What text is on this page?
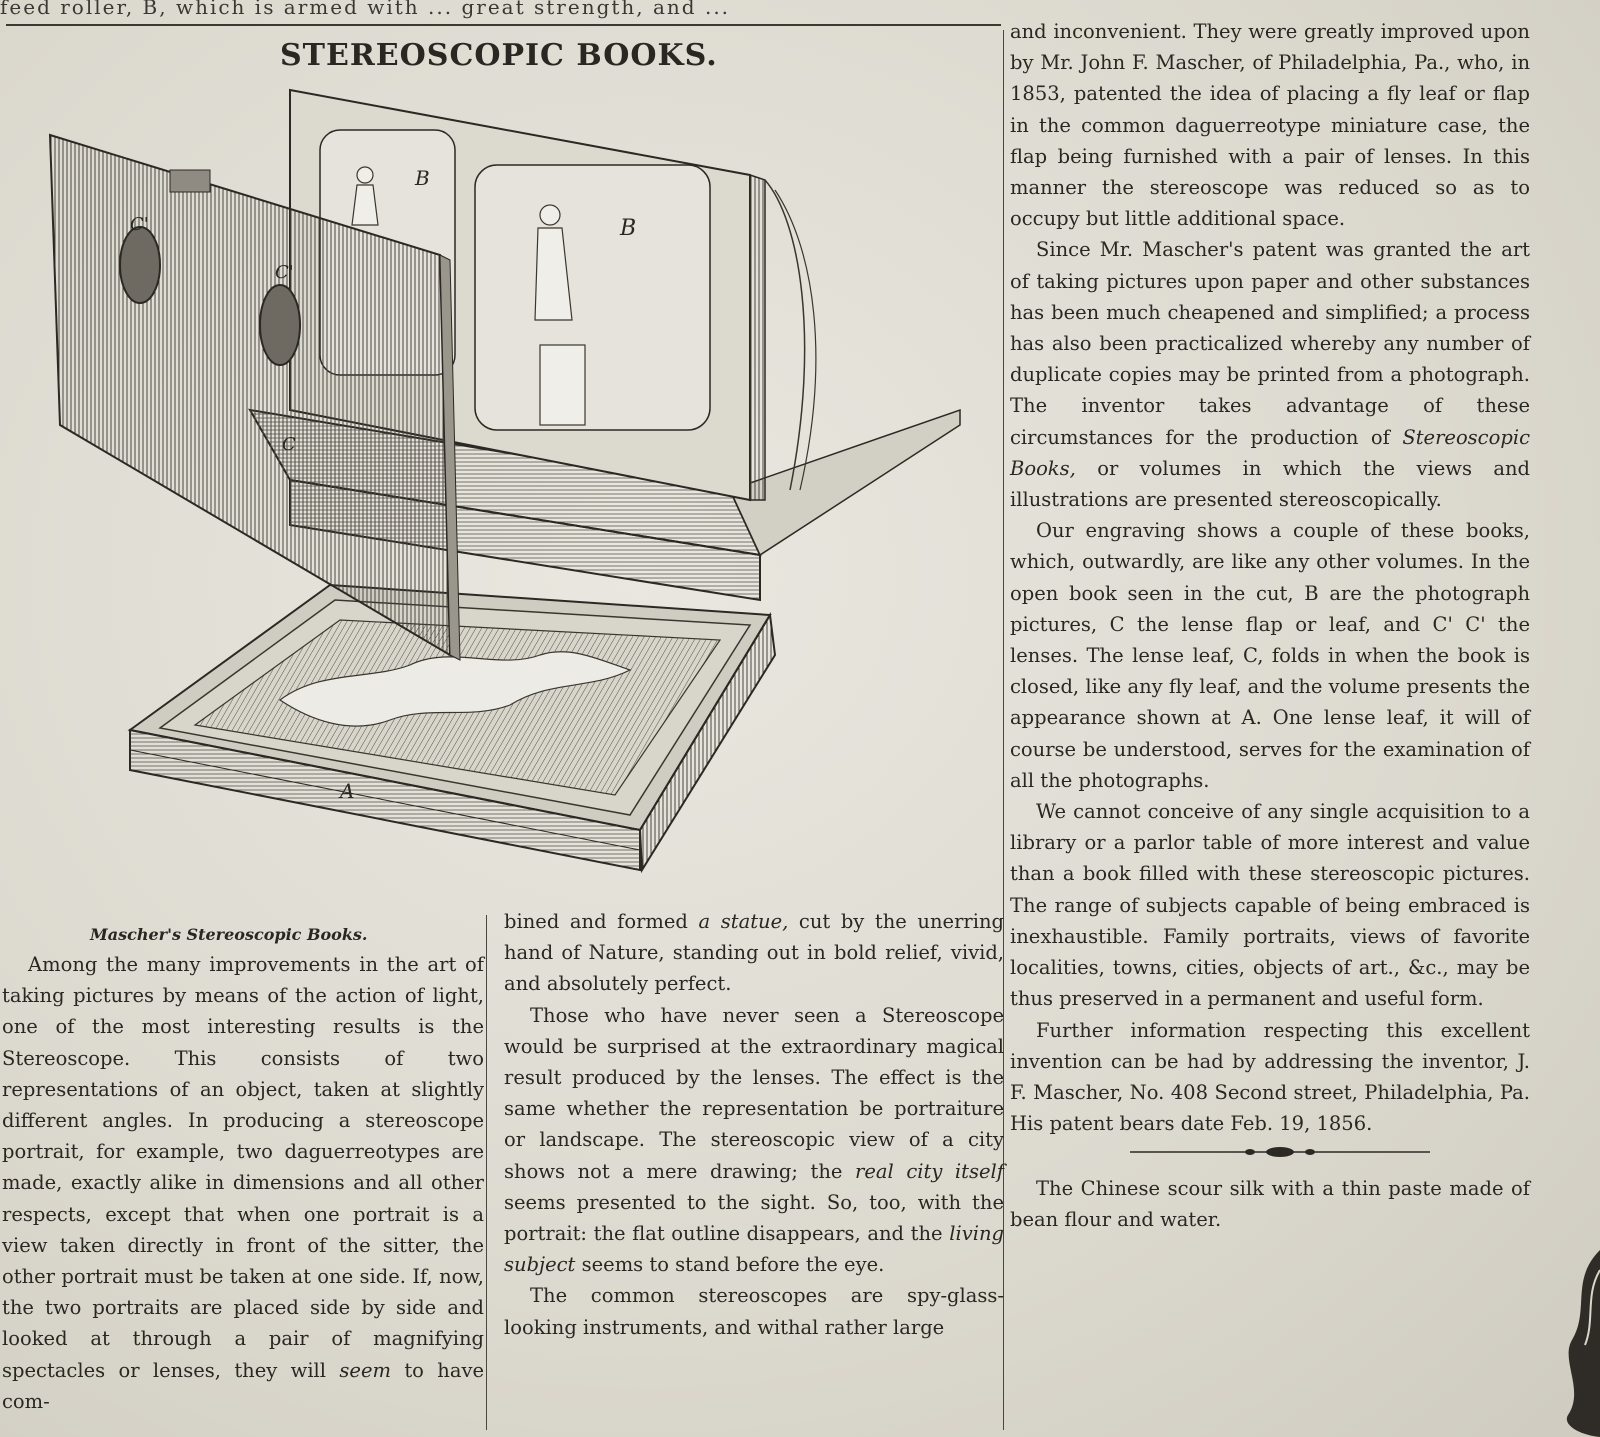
feed roller, B, which is armed with ... great strength, and ...
STEREOSCOPIC BOOKS.
B
B
C'
C'
C
A
Mascher's Stereoscopic Books.

Among the many improvements in the art of taking pictures by means of the action of light, one of the most interesting results is the Stereoscope. This consists of two representations of an object, taken at slightly different angles. In producing a stereoscope portrait, for example, two daguerreotypes are made, exactly alike in dimensions and all other respects, except that when one portrait is a view taken directly in front of the sitter, the other portrait must be taken at one side. If, now, the two portraits are placed side by side and looked at through a pair of magnifying spectacles or lenses, they will seem to have com-

bined and formed a statue, cut by the unerring hand of Nature, standing out in bold relief, vivid, and absolutely perfect.

Those who have never seen a Stereoscope would be surprised at the extraordinary magical result produced by the lenses. The effect is the same whether the representation be portraiture or landscape. The stereoscopic view of a city shows not a mere drawing; the real city itself seems presented to the sight. So, too, with the portrait: the flat outline disappears, and the living subject seems to stand before the eye.

The common stereoscopes are spy-glass-looking instruments, and withal rather large

and inconvenient. They were greatly improved upon by Mr. John F. Mascher, of Philadelphia, Pa., who, in 1853, patented the idea of placing a fly leaf or flap in the common daguerreotype miniature case, the flap being furnished with a pair of lenses. In this manner the stereoscope was reduced so as to occupy but little additional space.

Since Mr. Mascher's patent was granted the art of taking pictures upon paper and other substances has been much cheapened and simplified; a process has also been practicalized whereby any number of duplicate copies may be printed from a photograph. The inventor takes advantage of these circumstances for the production of Stereoscopic Books, or volumes in which the views and illustrations are presented stereoscopically.

Our engraving shows a couple of these books, which, outwardly, are like any other volumes. In the open book seen in the cut, B are the photograph pictures, C the lense flap or leaf, and C' C' the lenses. The lense leaf, C, folds in when the book is closed, like any fly leaf, and the volume presents the appearance shown at A. One lense leaf, it will of course be understood, serves for the examination of all the photographs.

We cannot conceive of any single acquisition to a library or a parlor table of more interest and value than a book filled with these stereoscopic pictures. The range of subjects capable of being embraced is inexhaustible. Family portraits, views of favorite localities, towns, cities, objects of art., &c., may be thus preserved in a permanent and useful form.

Further information respecting this excellent invention can be had by addressing the inventor, J. F. Mascher, No. 408 Second street, Philadelphia, Pa. His patent bears date Feb. 19, 1856.

The Chinese scour silk with a thin paste made of bean flour and water.
